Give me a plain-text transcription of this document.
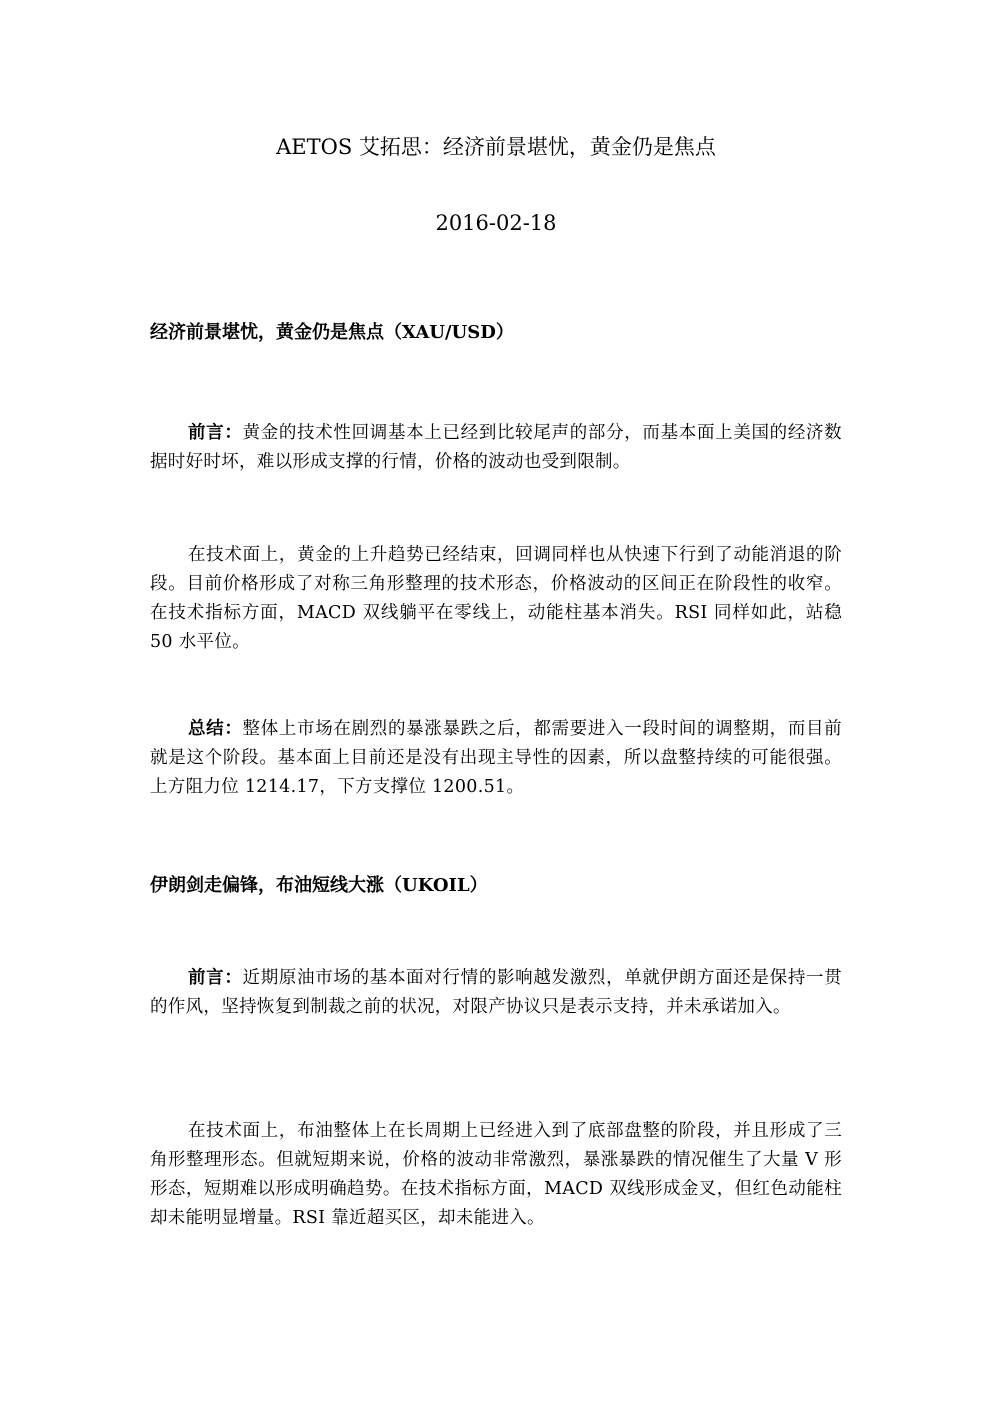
AETOS 艾拓思：经济前景堪忧，黄金仍是焦点
2016-02-18
经济前景堪忧，黄金仍是焦点（XAU/USD）

前言：黄金的技术性回调基本上已经到比较尾声的部分，而基本面上美国的经济数据时好时坏，难以形成支撑的行情，价格的波动也受到限制。

在技术面上，黄金的上升趋势已经结束，回调同样也从快速下行到了动能消退的阶段。目前价格形成了对称三角形整理的技术形态，价格波动的区间正在阶段性的收窄。在技术指标方面，MACD 双线躺平在零线上，动能柱基本消失。RSI 同样如此，站稳 50 水平位。

总结：整体上市场在剧烈的暴涨暴跌之后，都需要进入一段时间的调整期，而目前就是这个阶段。基本面上目前还是没有出现主导性的因素，所以盘整持续的可能很强。上方阻力位 1214.17，下方支撑位 1200.51。

伊朗剑走偏锋，布油短线大涨（UKOIL）

前言：近期原油市场的基本面对行情的影响越发激烈，单就伊朗方面还是保持一贯的作风，坚持恢复到制裁之前的状况，对限产协议只是表示支持，并未承诺加入。

在技术面上，布油整体上在长周期上已经进入到了底部盘整的阶段，并且形成了三角形整理形态。但就短期来说，价格的波动非常激烈，暴涨暴跌的情况催生了大量 V 形形态，短期难以形成明确趋势。在技术指标方面，MACD 双线形成金叉，但红色动能柱却未能明显增量。RSI 靠近超买区，却未能进入。
